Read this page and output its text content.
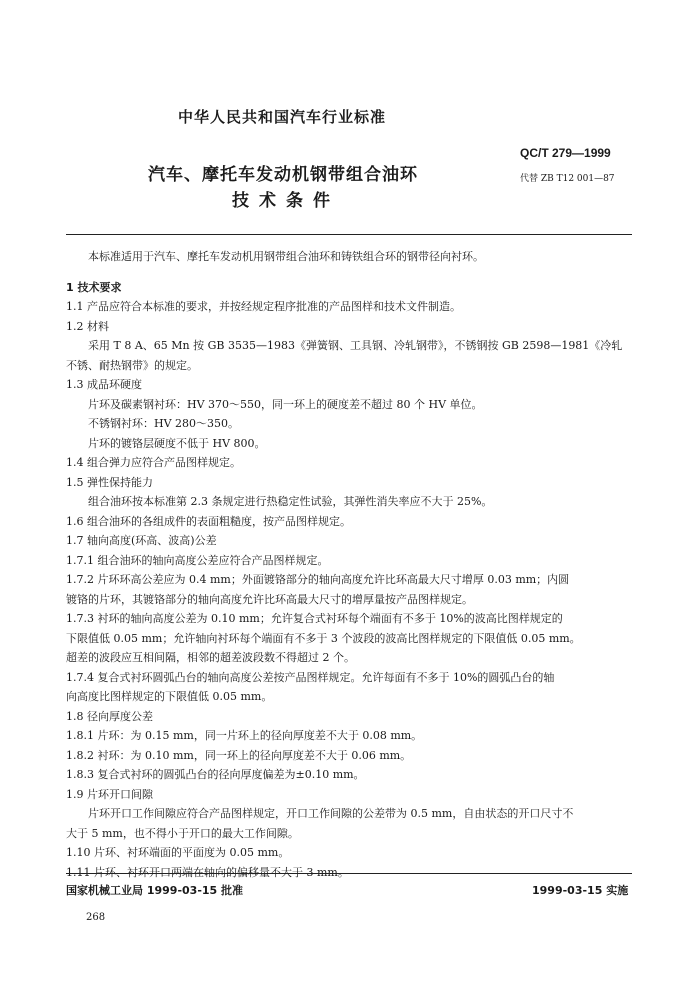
中华人民共和国汽车行业标准
QC/T 279—1999
汽车、摩托车发动机钢带组合油环	代替 ZB T12 001—87
技术条件
本标准适用于汽车、摩托车发动机用钢带组合油环和铸铁组合环的钢带径向衬环。
1 技术要求
1.1 产品应符合本标准的要求，并按经规定程序批准的产品图样和技术文件制造。
1.2 材料
采用 T 8 A、65 Mn 按 GB 3535—1983《弹簧钢、工具钢、冷轧钢带》，不锈钢按 GB 2598—1981《冷轧
不锈、耐热钢带》的规定。
1.3 成品环硬度
片环及碳素钢衬环：HV 370～550，同一环上的硬度差不超过 80 个 HV 单位。
不锈钢衬环：HV 280～350。
片环的镀铬层硬度不低于 HV 800。
1.4 组合弹力应符合产品图样规定。
1.5 弹性保持能力
组合油环按本标准第 2.3 条规定进行热稳定性试验，其弹性消失率应不大于 25%。
1.6 组合油环的各组成件的表面粗糙度，按产品图样规定。
1.7 轴向高度(环高、波高)公差
1.7.1 组合油环的轴向高度公差应符合产品图样规定。
1.7.2 片环环高公差应为 0.4 mm；外面镀铬部分的轴向高度允许比环高最大尺寸增厚 0.03 mm；内圆
镀铬的片环，其镀铬部分的轴向高度允许比环高最大尺寸的增厚量按产品图样规定。
1.7.3 衬环的轴向高度公差为 0.10 mm；允许复合式衬环每个端面有不多于 10%的波高比图样规定的
下限值低 0.05 mm；允许轴向衬环每个端面有不多于 3 个波段的波高比图样规定的下限值低 0.05 mm。
超差的波段应互相间隔，相邻的超差波段数不得超过 2 个。
1.7.4 复合式衬环圆弧凸台的轴向高度公差按产品图样规定。允许每面有不多于 10%的圆弧凸台的轴
向高度比图样规定的下限值低 0.05 mm。
1.8 径向厚度公差
1.8.1 片环：为 0.15 mm，同一片环上的径向厚度差不大于 0.08 mm。
1.8.2 衬环：为 0.10 mm，同一环上的径向厚度差不大于 0.06 mm。
1.8.3 复合式衬环的圆弧凸台的径向厚度偏差为±0.10 mm。
1.9 片环开口间隙
片环开口工作间隙应符合产品图样规定，开口工作间隙的公差带为 0.5 mm，自由状态的开口尺寸不
大于 5 mm，也不得小于开口的最大工作间隙。
1.10 片环、衬环端面的平面度为 0.05 mm。
1.11 片环、衬环开口两端在轴向的偏移量不大于 3 mm。
国家机械工业局 1999-03-15 批准	1999-03-15 实施
268
